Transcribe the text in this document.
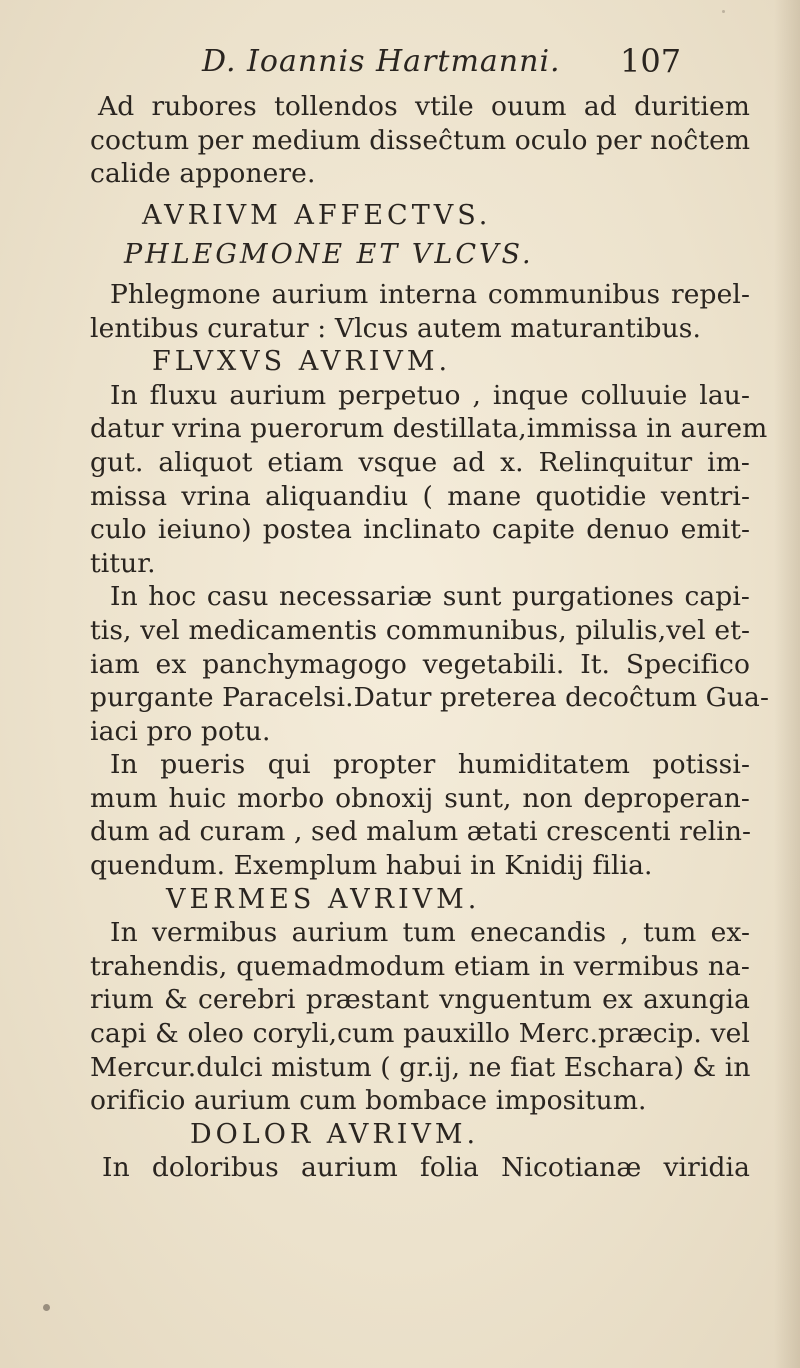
D. Ioannis Hartmanni. 107
Ad rubores tollendos vtile ouum ad duritiem
coctum per medium disseĉtum oculo per noĉtem
calide apponere.
AVRIVM AFFECTVS.
PHLEGMONE ET VLCVS.
Phlegmone aurium interna communibus repel-
lentibus curatur : Vlcus autem maturantibus.
FLVXVS AVRIVM.
In fluxu aurium perpetuo , inque colluuie lau-
datur vrina puerorum destillata,immissa in aurem
gut. aliquot etiam vsque ad x. Relinquitur im-
missa vrina aliquandiu ( mane quotidie ventri-
culo ieiuno) postea inclinato capite denuo emit-
titur.
In hoc casu necessariæ sunt purgationes capi-
tis, vel medicamentis communibus, pilulis,vel et-
iam ex panchymagogo vegetabili. It. Specifico
purgante Paracelsi.Datur preterea decoĉtum Gua-
iaci pro potu.
In pueris qui propter humiditatem potissi-
mum huic morbo obnoxij sunt, non deproperan-
dum ad curam , sed malum ætati crescenti relin-
quendum. Exemplum habui in Knidij filia.
VERMES AVRIVM.
In vermibus aurium tum enecandis , tum ex-
trahendis, quemadmodum etiam in vermibus na-
rium & cerebri præstant vnguentum ex axungia
capi & oleo coryli,cum pauxillo Merc.præcip. vel
Mercur.dulci mistum ( gr.ij, ne fiat Eschara) & in
orificio aurium cum bombace impositum.
DOLOR AVRIVM.
In doloribus aurium folia Nicotianæ viridia
